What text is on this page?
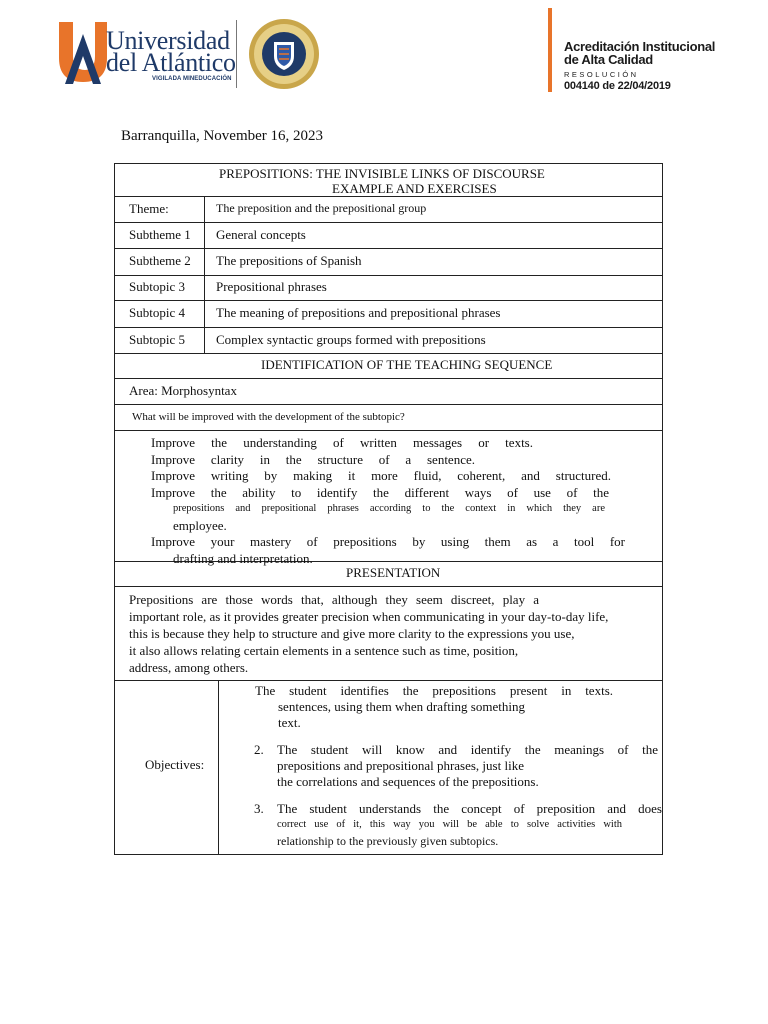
Universidad
del Atlántico
VIGILADA MINEDUCACIÓN
Acreditación Institucional
de Alta Calidad
RESOLUCIÓN
004140 de 22/04/2019
Barranquilla, November 16, 2023
PREPOSITIONS: THE INVISIBLE LINKS OF DISCOURSE
EXAMPLE AND EXERCISES
Theme:	The preposition and the prepositional group
Subtheme 1 General concepts
Subtheme 2 The prepositions of Spanish
Subtopic 3 Prepositional phrases
Subtopic 4 The meaning of prepositions and prepositional phrases
Subtopic 5 Complex syntactic groups formed with prepositions
IDENTIFICATION OF THE TEACHING SEQUENCE
Area: Morphosyntax
What will be improved with the development of the subtopic?
Improve the understanding of written messages or texts.
Improve clarity in the structure of a sentence.
Improve writing by making it more fluid, coherent, and structured.
Improve the ability to identify the different ways of use of the
prepositions and prepositional phrases according to the context in which they are
employee.
Improve your mastery of prepositions by using them as a tool for
drafting and interpretation.
PRESENTATION
Prepositions are those words that, although they seem discreet, play a
important role, as it provides greater precision when communicating in your day-to-day life,
this is because they help to structure and give more clarity to the expressions you use,
it also allows relating certain elements in a sentence such as time, position,
address, among others.
Objectives:
The student identifies the prepositions present in texts.
sentences, using them when drafting something
text.
2. The student will know and identify the meanings of the
prepositions and prepositional phrases, just like
the correlations and sequences of the prepositions.
3. The student understands the concept of preposition and does
correct use of it, this way you will be able to solve activities with
relationship to the previously given subtopics.
